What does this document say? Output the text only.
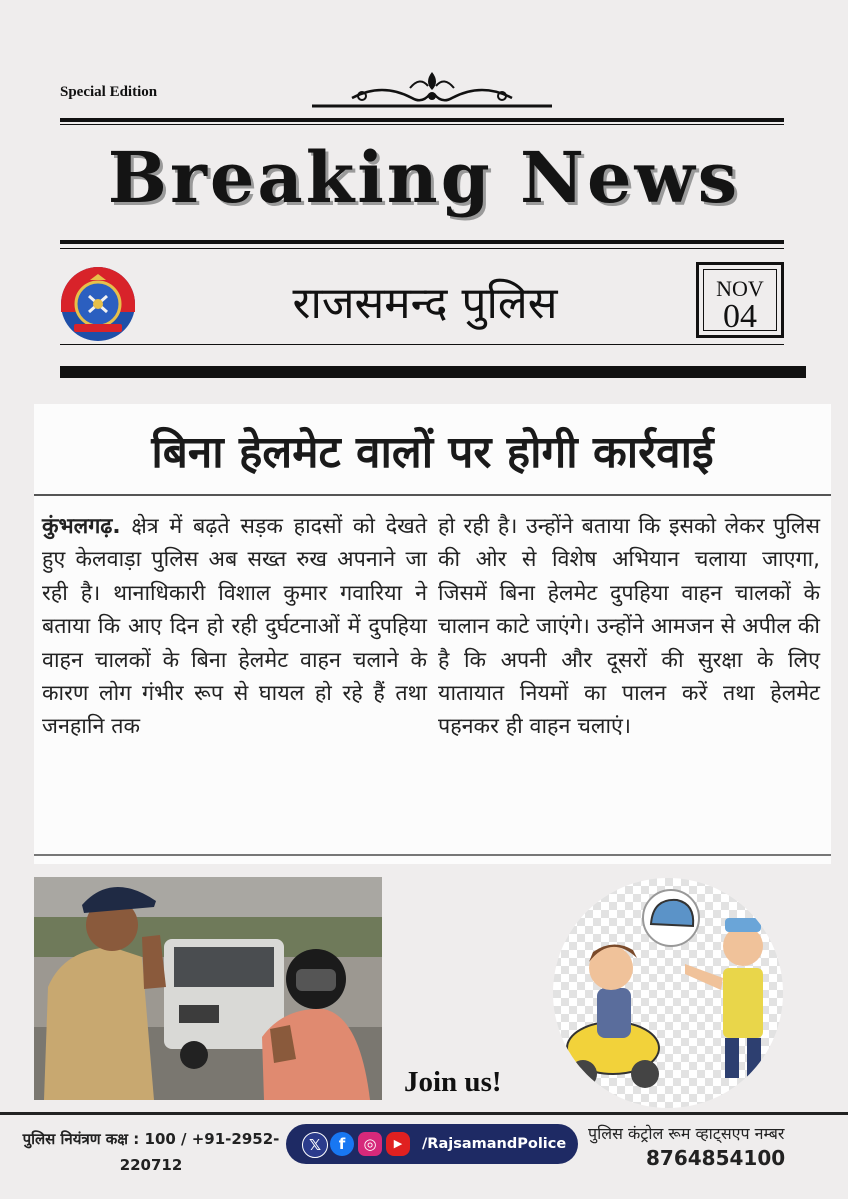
Special Edition
Breaking News
राजसमन्द पुलिस	NOV
04
बिना हेलमेट वालों पर होगी कार्रवाई
कुंभलगढ़. क्षेत्र में बढ़ते सड़क हादसों को देखते हुए केलवाड़ा पुलिस अब सख्त रुख अपनाने जा रही है। थानाधिकारी विशाल कुमार गवारिया ने बताया कि आए दिन हो रही दुर्घटनाओं में दुपहिया वाहन चालकों के बिना हेलमेट वाहन चलाने के कारण लोग गंभीर रूप से घायल हो रहे हैं तथा जनहानि तक
हो रही है। उन्होंने बताया कि इसको लेकर पुलिस की ओर से विशेष अभियान चलाया जाएगा, जिसमें बिना हेलमेट दुपहिया वाहन चालकों के चालान काटे जाएंगे। उन्होंने आमजन से अपील की है कि अपनी और दूसरों की सुरक्षा के लिए यातायात नियमों का पालन करें तथा हेलमेट पहनकर ही वाहन चलाएं।
Join us!
पुलिस नियंत्रण कक्ष : 100 / +91-2952-220712
𝕏	f	◎	▶	/RajsamandPolice
पुलिस कंट्रोल रूम व्हाट्सएप नम्बर
8764854100
